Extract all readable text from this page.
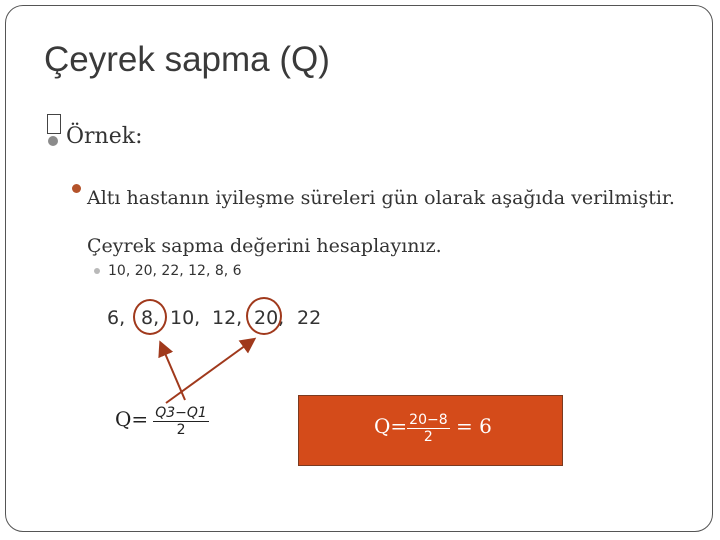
Çeyrek sapma (Q)
Örnek:
Altı hastanın iyileşme süreleri gün olarak aşağıda verilmiştir. Çeyrek sapma değerini hesaplayınız.
10, 20, 22, 12, 8, 6
6, 8, 10, 12, 20, 22
$Q= \frac{Q3-Q1}{2}$	$Q= \frac{20-8}{2} = 6$
